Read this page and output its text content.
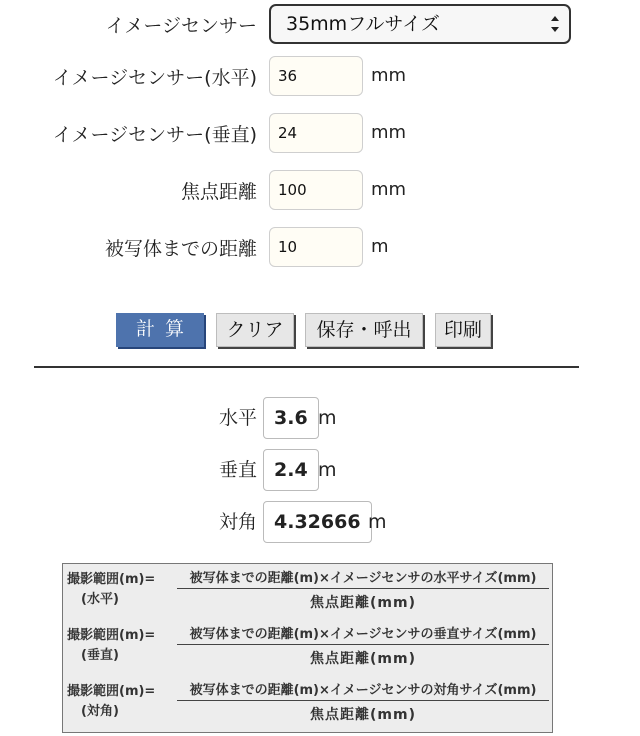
イメージセンサー 35mmフルサイズ
イメージセンサー(水平)
36	mm
イメージセンサー(垂直)
24	mm
焦点距離
100	mm
被写体までの距離
10	m
計算	クリア	保存・呼出	印刷
水平 3.6 m
垂直 2.4 m
対角 4.32666 m
撮影範囲(m)=
(水平)
被写体までの距離(m)×イメージセンサの水平サイズ(mm)
焦点距離(mm)
撮影範囲(m)=
(垂直)
被写体までの距離(m)×イメージセンサの垂直サイズ(mm)
焦点距離(mm)
撮影範囲(m)=
(対角)
被写体までの距離(m)×イメージセンサの対角サイズ(mm)
焦点距離(mm)
